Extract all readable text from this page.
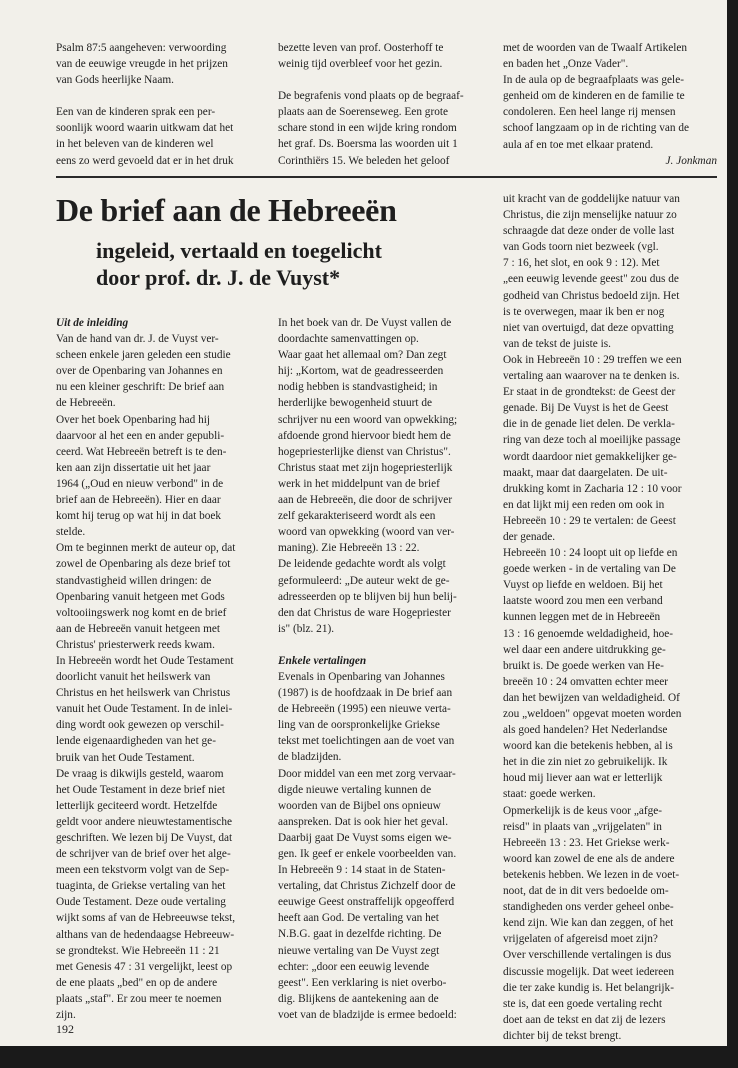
Psalm 87:5 aangeheven: verwoording
van de eeuwige vreugde in het prijzen
van Gods heerlijke Naam.

Een van de kinderen sprak een per-
soonlijk woord waarin uitkwam dat het
in het beleven van de kinderen wel
eens zo werd gevoeld dat er in het druk

bezette leven van prof. Oosterhoff te
weinig tijd overbleef voor het gezin.

De begrafenis vond plaats op de begraaf-
plaats aan de Soerenseweg. Een grote
schare stond in een wijde kring rondom
het graf. Ds. Boersma las woorden uit 1
Corinthiërs 15. We beleden het geloof

met de woorden van de Twaalf Artikelen
en baden het „Onze Vader".
In de aula op de begraafplaats was gele-
genheid om de kinderen en de familie te
condoleren. Een heel lange rij mensen
schoof langzaam op in de richting van de
aula af en toe met elkaar pratend.

J. Jonkman

De brief aan de Hebreeën
ingeleid, vertaald en toegelicht
door prof. dr. J. de Vuyst*

Uit de inleiding

Van de hand van dr. J. de Vuyst ver-
scheen enkele jaren geleden een studie
over de Openbaring van Johannes en
nu een kleiner geschrift: De brief aan
de Hebreeën.
Over het boek Openbaring had hij
daarvoor al het een en ander gepubli-
ceerd. Wat Hebreeën betreft is te den-
ken aan zijn dissertatie uit het jaar
1964 („Oud en nieuw verbond" in de
brief aan de Hebreeën). Hier en daar
komt hij terug op wat hij in dat boek
stelde.
Om te beginnen merkt de auteur op, dat
zowel de Openbaring als deze brief tot
standvastigheid willen dringen: de
Openbaring vanuit hetgeen met Gods
voltooiingswerk nog komt en de brief
aan de Hebreeën vanuit hetgeen met
Christus' priesterwerk reeds kwam.
In Hebreeën wordt het Oude Testament
doorlicht vanuit het heilswerk van
Christus en het heilswerk van Christus
vanuit het Oude Testament. In de inlei-
ding wordt ook gewezen op verschil-
lende eigenaardigheden van het ge-
bruik van het Oude Testament.
De vraag is dikwijls gesteld, waarom
het Oude Testament in deze brief niet
letterlijk geciteerd wordt. Hetzelfde
geldt voor andere nieuwtestamentische
geschriften. We lezen bij De Vuyst, dat
de schrijver van de brief over het alge-
meen een tekstvorm volgt van de Sep-
tuaginta, de Griekse vertaling van het
Oude Testament. Deze oude vertaling
wijkt soms af van de Hebreeuwse tekst,
althans van de hedendaagse Hebreeuw-
se grondtekst. Wie Hebreeën 11 : 21
met Genesis 47 : 31 vergelijkt, leest op
de ene plaats „bed" en op de andere
plaats „staf". Er zou meer te noemen
zijn.

In het boek van dr. De Vuyst vallen de
doordachte samenvattingen op.
Waar gaat het allemaal om? Dan zegt
hij: „Kortom, wat de geadresseerden
nodig hebben is standvastigheid; in
herderlijke bewogenheid stuurt de
schrijver nu een woord van opwekking;
afdoende grond hiervoor biedt hem de
hogepriesterlijke dienst van Christus".
Christus staat met zijn hogepriesterlijk
werk in het middelpunt van de brief
aan de Hebreeën, die door de schrijver
zelf gekarakteriseerd wordt als een
woord van opwekking (woord van ver-
maning). Zie Hebreeën 13 : 22.
De leidende gedachte wordt als volgt
geformuleerd: „De auteur wekt de ge-
adresseerden op te blijven bij hun belij-
den dat Christus de ware Hogepriester
is" (blz. 21).

Enkele vertalingen

Evenals in Openbaring van Johannes
(1987) is de hoofdzaak in De brief aan
de Hebreeën (1995) een nieuwe verta-
ling van de oorspronkelijke Griekse
tekst met toelichtingen aan de voet van
de bladzijden.
Door middel van een met zorg vervaar-
digde nieuwe vertaling kunnen de
woorden van de Bijbel ons opnieuw
aanspreken. Dat is ook hier het geval.
Daarbij gaat De Vuyst soms eigen we-
gen. Ik geef er enkele voorbeelden van.
In Hebreeën 9 : 14 staat in de Staten-
vertaling, dat Christus Zichzelf door de
eeuwige Geest onstraffelijk opgeofferd
heeft aan God. De vertaling van het
N.B.G. gaat in dezelfde richting. De
nieuwe vertaling van De Vuyst zegt
echter: „door een eeuwig levende
geest". Een verklaring is niet overbo-
dig. Blijkens de aantekening aan de
voet van de bladzijde is ermee bedoeld:

uit kracht van de goddelijke natuur van
Christus, die zijn menselijke natuur zo
schraagde dat deze onder de volle last
van Gods toorn niet bezweek (vgl.
7 : 16, het slot, en ook 9 : 12). Met
„een eeuwig levende geest" zou dus de
godheid van Christus bedoeld zijn. Het
is te overwegen, maar ik ben er nog
niet van overtuigd, dat deze opvatting
van de tekst de juiste is.
Ook in Hebreeën 10 : 29 treffen we een
vertaling aan waarover na te denken is.
Er staat in de grondtekst: de Geest der
genade. Bij De Vuyst is het de Geest
die in de genade liet delen. De verkla-
ring van deze toch al moeilijke passage
wordt daardoor niet gemakkelijker ge-
maakt, maar dat daargelaten. De uit-
drukking komt in Zacharia 12 : 10 voor
en dat lijkt mij een reden om ook in
Hebreeën 10 : 29 te vertalen: de Geest
der genade.
Hebreeën 10 : 24 loopt uit op liefde en
goede werken - in de vertaling van De
Vuyst op liefde en weldoen. Bij het
laatste woord zou men een verband
kunnen leggen met de in Hebreeën
13 : 16 genoemde weldadigheid, hoe-
wel daar een andere uitdrukking ge-
bruikt is. De goede werken van He-
breeën 10 : 24 omvatten echter meer
dan het bewijzen van weldadigheid. Of
zou „weldoen" opgevat moeten worden
als goed handelen? Het Nederlandse
woord kan die betekenis hebben, al is
het in die zin niet zo gebruikelijk. Ik
houd mij liever aan wat er letterlijk
staat: goede werken.
Opmerkelijk is de keus voor „afge-
reisd" in plaats van „vrijgelaten" in
Hebreeën 13 : 23. Het Griekse werk-
woord kan zowel de ene als de andere
betekenis hebben. We lezen in de voet-
noot, dat de in dit vers bedoelde om-
standigheden ons verder geheel onbe-
kend zijn. Wie kan dan zeggen, of het
vrijgelaten of afgereisd moet zijn?
Over verschillende vertalingen is dus
discussie mogelijk. Dat weet iedereen
die ter zake kundig is. Het belangrijk-
ste is, dat een goede vertaling recht
doet aan de tekst en dat zij de lezers
dichter bij de tekst brengt.

192
